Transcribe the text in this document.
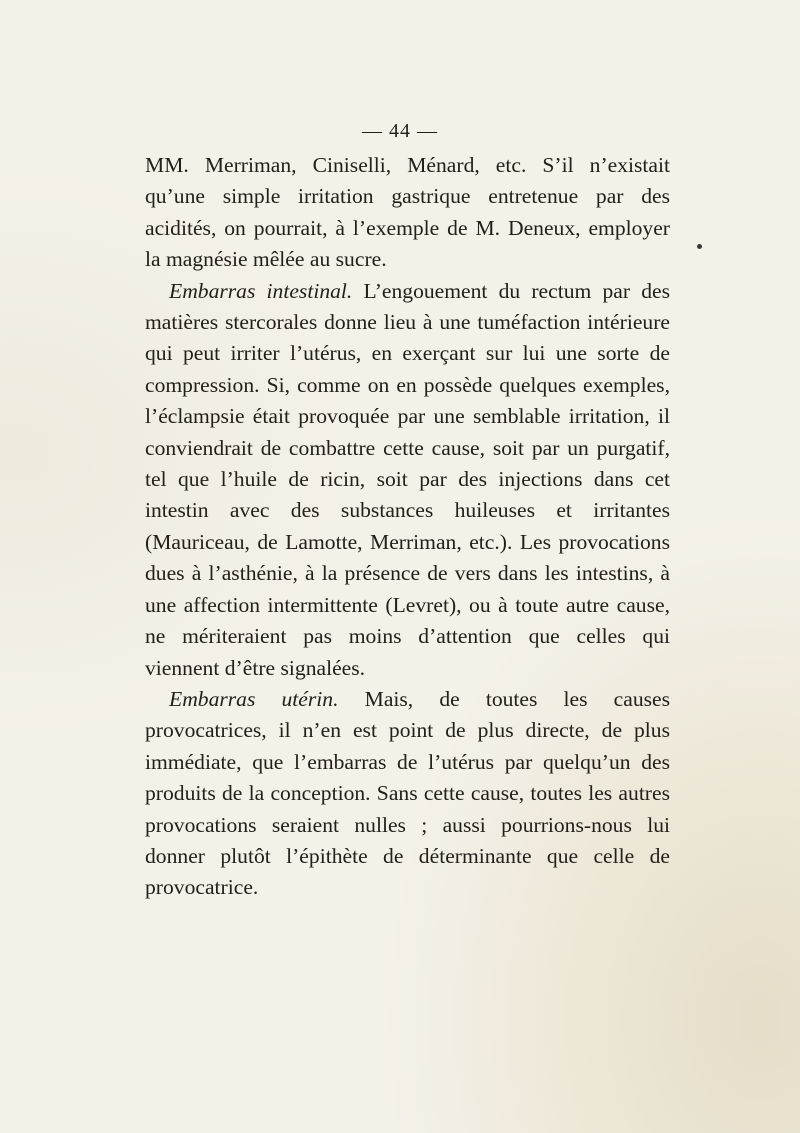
— 44 —

MM. Merriman, Ciniselli, Ménard, etc. S’il n’existait qu’une simple irritation gastrique entretenue par des acidités, on pourrait, à l’exemple de M. Deneux, employer la magnésie mêlée au sucre.

Embarras intestinal. L’engouement du rectum par des matières stercorales donne lieu à une tuméfaction intérieure qui peut irriter l’utérus, en exerçant sur lui une sorte de compression. Si, comme on en possède quelques exemples, l’éclampsie était provoquée par une semblable irritation, il conviendrait de combattre cette cause, soit par un purgatif, tel que l’huile de ricin, soit par des injections dans cet intestin avec des substances huileuses et irritantes (Mauriceau, de Lamotte, Merriman, etc.). Les provocations dues à l’asthénie, à la présence de vers dans les intestins, à une affection intermittente (Levret), ou à toute autre cause, ne mériteraient pas moins d’attention que celles qui viennent d’être signalées.

Embarras utérin. Mais, de toutes les causes provocatrices, il n’en est point de plus directe, de plus immédiate, que l’embarras de l’utérus par quelqu’un des produits de la conception. Sans cette cause, toutes les autres provocations seraient nulles ; aussi pourrions-nous lui donner plutôt l’épithète de déterminante que celle de provocatrice.
